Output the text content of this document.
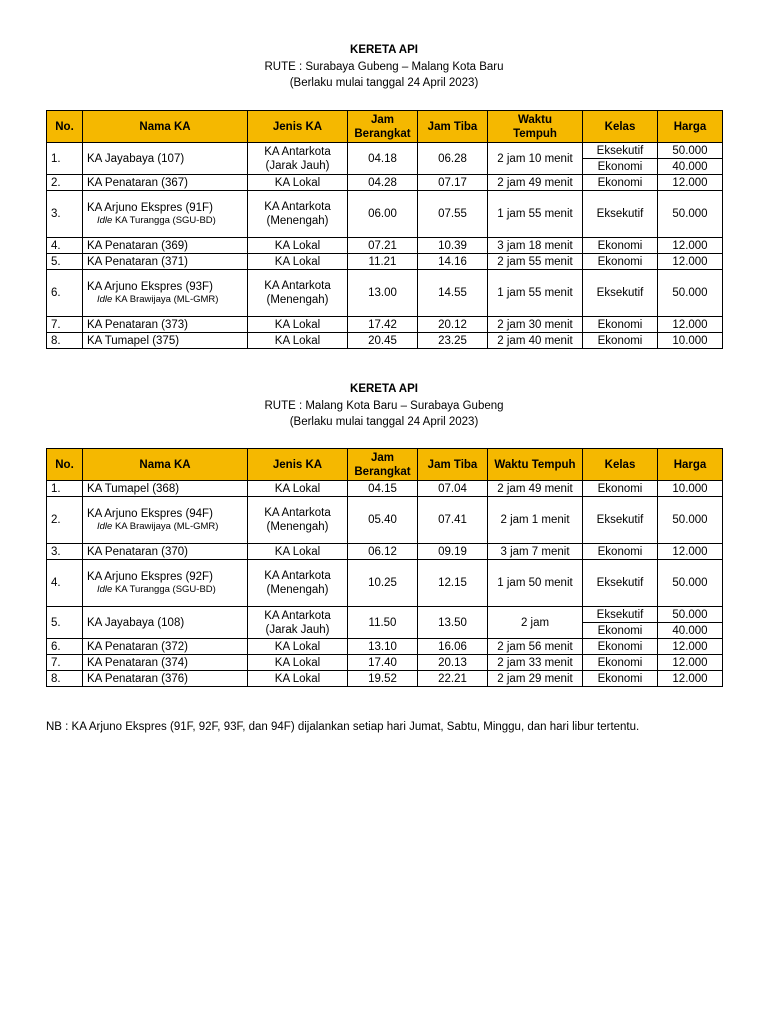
KERETA API
RUTE : Surabaya Gubeng – Malang Kota Baru
(Berlaku mulai tanggal 24 April 2023)
No.	Nama KA	Jenis KA	Jam
Berangkat	Jam Tiba	Waktu
Tempuh	Kelas	Harga
1.	KA Jayabaya (107)	KA Antarkota
(Jarak Jauh)	04.18	06.28	2 jam 10 menit	Eksekutif	50.000
						Ekonomi	40.000
2.	KA Penataran (367)	KA Lokal	04.28	07.17	2 jam 49 menit	Ekonomi	12.000
3.	KA Arjuno Ekspres (91F)
Idle KA Turangga (SGU-BD)	KA Antarkota
(Menengah)	06.00	07.55	1 jam 55 menit	Eksekutif	50.000
4.	KA Penataran (369)	KA Lokal	07.21	10.39	3 jam 18 menit	Ekonomi	12.000
5.	KA Penataran (371)	KA Lokal	11.21	14.16	2 jam 55 menit	Ekonomi	12.000
6.	KA Arjuno Ekspres (93F)
Idle KA Brawijaya (ML-GMR)	KA Antarkota
(Menengah)	13.00	14.55	1 jam 55 menit	Eksekutif	50.000
7.	KA Penataran (373)	KA Lokal	17.42	20.12	2 jam 30 menit	Ekonomi	12.000
8.	KA Tumapel (375)	KA Lokal	20.45	23.25	2 jam 40 menit	Ekonomi	10.000
KERETA API
RUTE : Malang Kota Baru – Surabaya Gubeng
(Berlaku mulai tanggal 24 April 2023)
No.	Nama KA	Jenis KA	Jam
Berangkat	Jam Tiba	Waktu Tempuh	Kelas	Harga
1.	KA Tumapel (368)	KA Lokal	04.15	07.04	2 jam 49 menit	Ekonomi	10.000
2.	KA Arjuno Ekspres (94F)
Idle KA Brawijaya (ML-GMR)	KA Antarkota
(Menengah)	05.40	07.41	2 jam 1 menit	Eksekutif	50.000
3.	KA Penataran (370)	KA Lokal	06.12	09.19	3 jam 7 menit	Ekonomi	12.000
4.	KA Arjuno Ekspres (92F)
Idle KA Turangga (SGU-BD)	KA Antarkota
(Menengah)	10.25	12.15	1 jam 50 menit	Eksekutif	50.000
5.	KA Jayabaya (108)	KA Antarkota
(Jarak Jauh)	11.50	13.50	2 jam	Eksekutif	50.000
						Ekonomi	40.000
6.	KA Penataran (372)	KA Lokal	13.10	16.06	2 jam 56 menit	Ekonomi	12.000
7.	KA Penataran (374)	KA Lokal	17.40	20.13	2 jam 33 menit	Ekonomi	12.000
8.	KA Penataran (376)	KA Lokal	19.52	22.21	2 jam 29 menit	Ekonomi	12.000
NB : KA Arjuno Ekspres (91F, 92F, 93F, dan 94F) dijalankan setiap hari Jumat, Sabtu, Minggu, dan hari libur tertentu.
